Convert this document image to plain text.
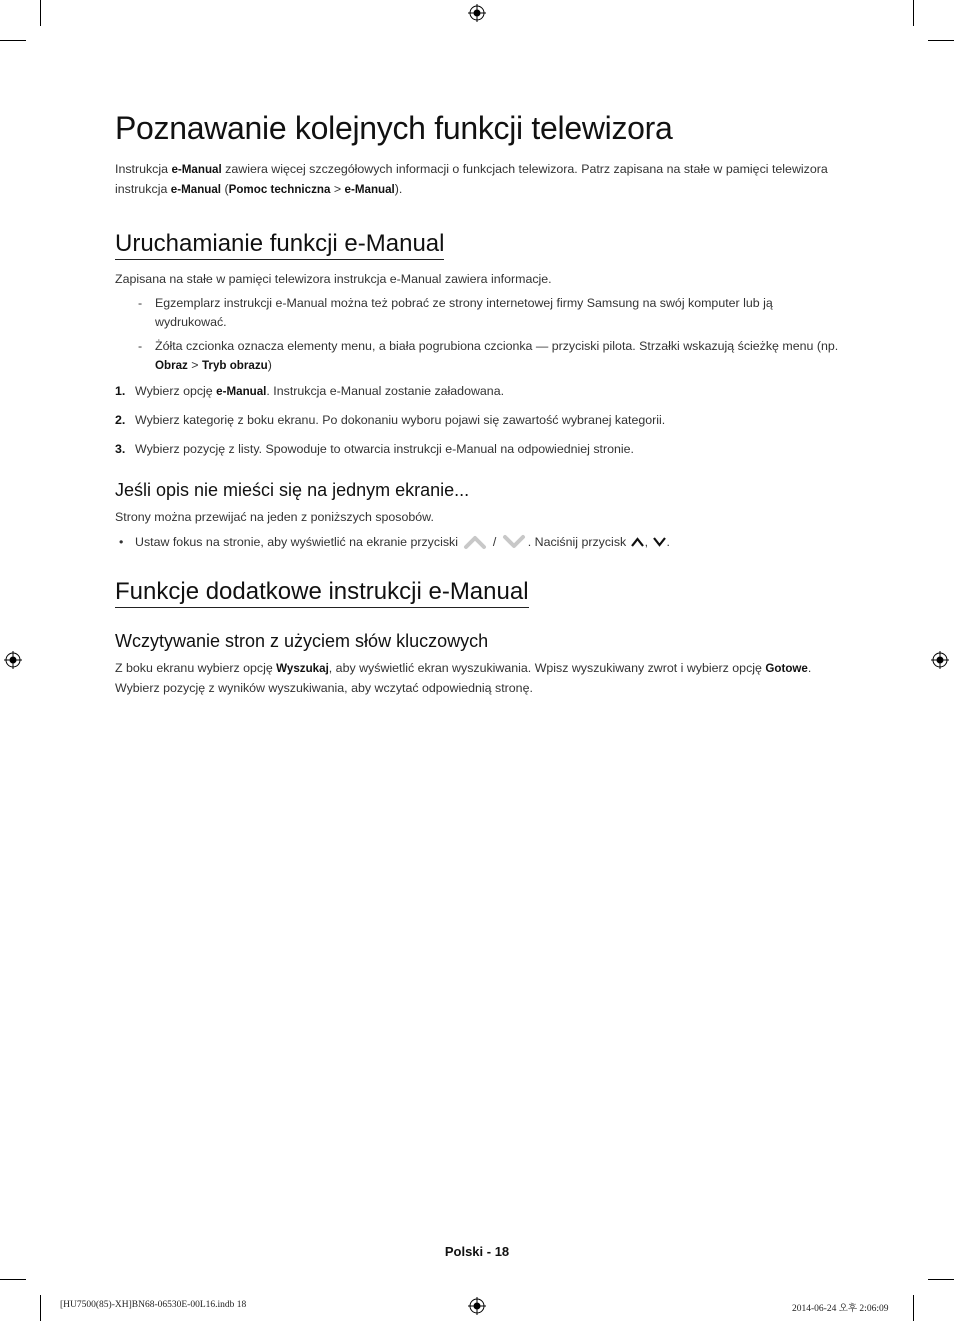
Poznawanie kolejnych funkcji telewizora

Instrukcja e-Manual zawiera więcej szczegółowych informacji o funkcjach telewizora. Patrz zapisana na stałe w pamięci telewizora instrukcja e-Manual (Pomoc techniczna > e-Manual).

Uruchamianie funkcji e-Manual

Zapisana na stałe w pamięci telewizora instrukcja e-Manual zawiera informacje.

- Egzemplarz instrukcji e-Manual można też pobrać ze strony internetowej firmy Samsung na swój komputer lub ją wydrukować.
- Żółta czcionka oznacza elementy menu, a biała pogrubiona czcionka — przyciski pilota. Strzałki wskazują ścieżkę menu (np. Obraz > Tryb obrazu)
1. Wybierz opcję e-Manual. Instrukcja e-Manual zostanie załadowana.
2. Wybierz kategorię z boku ekranu. Po dokonaniu wyboru pojawi się zawartość wybranej kategorii.
3. Wybierz pozycję z listy. Spowoduje to otwarcia instrukcji e-Manual na odpowiedniej stronie.
Jeśli opis nie mieści się na jednym ekranie...

Strony można przewijać na jeden z poniższych sposobów.

• Ustaw fokus na stronie, aby wyświetlić na ekranie przyciski  / . Naciśnij przycisk , .
Funkcje dodatkowe instrukcji e-Manual
Wczytywanie stron z użyciem słów kluczowych

Z boku ekranu wybierz opcję Wyszukaj, aby wyświetlić ekran wyszukiwania. Wpisz wyszukiwany zwrot i wybierz opcję Gotowe. Wybierz pozycję z wyników wyszukiwania, aby wczytać odpowiednią stronę.

Polski - 18
[HU7500(85)-XH]BN68-06530E-00L16.indb 18	2014-06-24 오후 2:06:09
